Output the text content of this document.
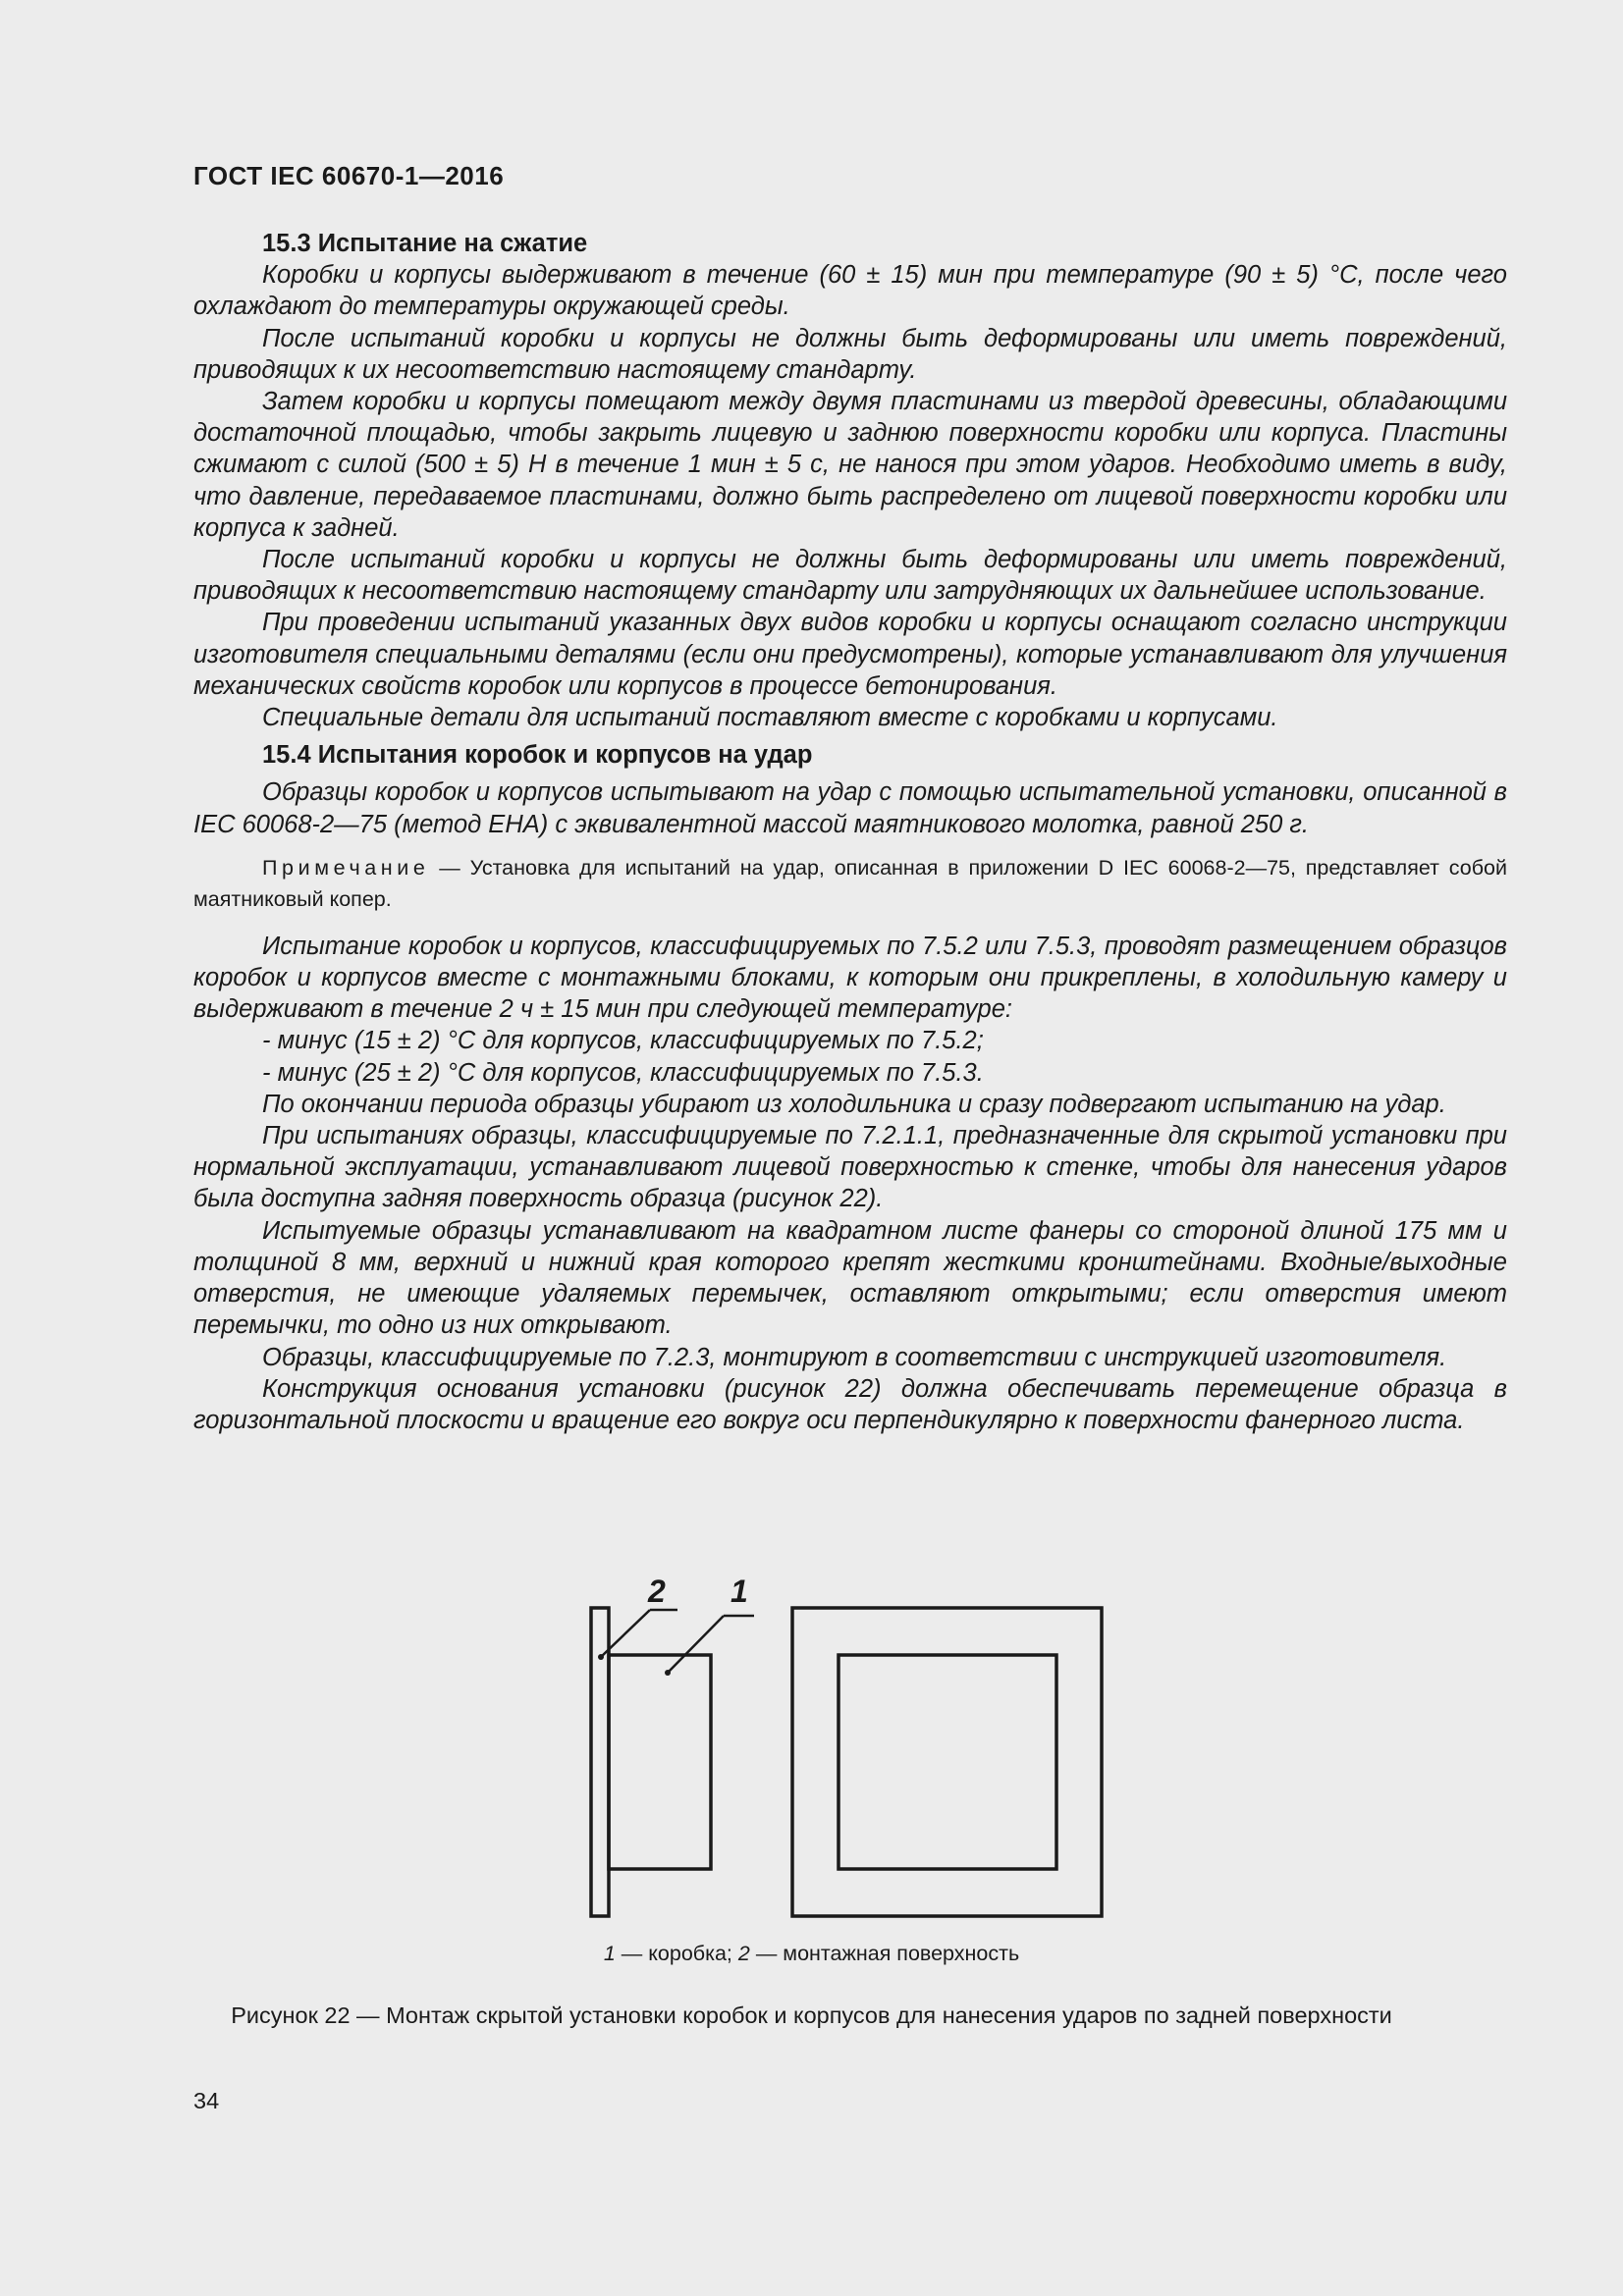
ГОСТ IEC 60670-1—2016

15.3 Испытание на сжатие

Коробки и корпусы выдерживают в течение (60 ± 15) мин при температуре (90 ± 5) °С, после чего охлаждают до температуры окружающей среды.

После испытаний коробки и корпусы не должны быть деформированы или иметь повреждений, приводящих к их несоответствию настоящему стандарту.

Затем коробки и корпусы помещают между двумя пластинами из твердой древесины, обладающими достаточной площадью, чтобы закрыть лицевую и заднюю поверхности коробки или корпуса. Пластины сжимают с силой (500 ± 5) Н в течение 1 мин ± 5 с, не нанося при этом ударов. Необходимо иметь в виду, что давление, передаваемое пластинами, должно быть распределено от лицевой поверхности коробки или корпуса к задней.

После испытаний коробки и корпусы не должны быть деформированы или иметь повреждений, приводящих к несоответствию настоящему стандарту или затрудняющих их дальнейшее использование.

При проведении испытаний указанных двух видов коробки и корпусы оснащают согласно инструкции изготовителя специальными деталями (если они предусмотрены), которые устанавливают для улучшения механических свойств коробок или корпусов в процессе бетонирования.

Специальные детали для испытаний поставляют вместе с коробками и корпусами.

15.4 Испытания коробок и корпусов на удар

Образцы коробок и корпусов испытывают на удар с помощью испытательной установки, описанной в IEC 60068-2—75 (метод ЕНА) с эквивалентной массой маятникового молотка, равной 250 г.

Примечание — Установка для испытаний на удар, описанная в приложении D IEC 60068-2—75, представляет собой маятниковый копер.

Испытание коробок и корпусов, классифицируемых по 7.5.2 или 7.5.3, проводят размещением образцов коробок и корпусов вместе с монтажными блоками, к которым они прикреплены, в холодильную камеру и выдерживают в течение 2 ч ± 15 мин при следующей температуре:

- минус (15 ± 2) °С для корпусов, классифицируемых по 7.5.2;

- минус (25 ± 2) °С для корпусов, классифицируемых по 7.5.3.

По окончании периода образцы убирают из холодильника и сразу подвергают испытанию на удар.

При испытаниях образцы, классифицируемые по 7.2.1.1, предназначенные для скрытой установки при нормальной эксплуатации, устанавливают лицевой поверхностью к стенке, чтобы для нанесения ударов была доступна задняя поверхность образца (рисунок 22).

Испытуемые образцы устанавливают на квадратном листе фанеры со стороной длиной 175 мм и толщиной 8 мм, верхний и нижний края которого крепят жесткими кронштейнами. Входные/выходные отверстия, не имеющие удаляемых перемычек, оставляют открытыми; если отверстия имеют перемычки, то одно из них открывают.

Образцы, классифицируемые по 7.2.3, монтируют в соответствии с инструкцией изготовителя.

Конструкция основания установки (рисунок 22) должна обеспечивать перемещение образца в горизонтальной плоскости и вращение его вокруг оси перпендикулярно к поверхности фанерного листа.

2 1
1 — коробка; 2 — монтажная поверхность
Рисунок 22 — Монтаж скрытой установки коробок и корпусов для нанесения ударов по задней поверхности
34
